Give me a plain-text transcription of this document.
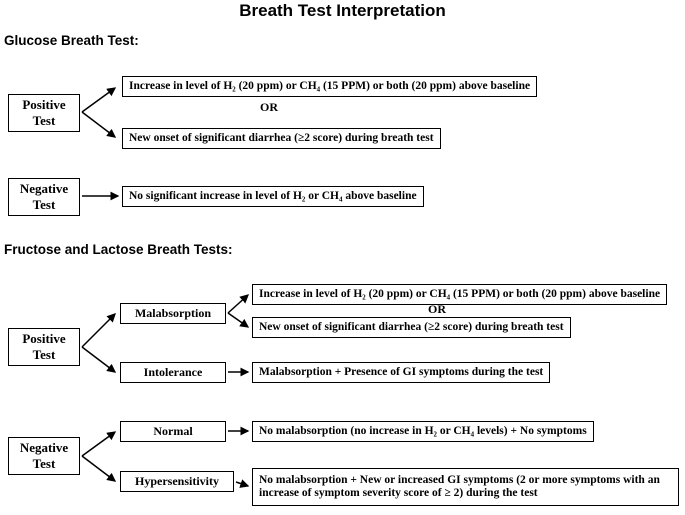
Breath Test Interpretation
Glucose Breath Test:
Positive Test
Increase in level of H₂ (20 ppm) or CH₄ (15 PPM) or both (20 ppm) above baseline
OR
New onset of significant diarrhea (≥2 score) during breath test
Negative Test
No significant increase in level of H₂ or CH₄ above baseline
Fructose and Lactose Breath Tests:
Positive Test
Malabsorption
Increase in level of H₂ (20 ppm) or CH₄ (15 PPM) or both (20 ppm) above baseline
OR
New onset of significant diarrhea (≥2 score) during breath test
Intolerance	Malabsorption + Presence of GI symptoms during the test
Negative Test
Normal	No malabsorption (no increase in H₂ or CH₄ levels) + No symptoms
Hypersensitivity	No malabsorption + New or increased GI symptoms (2 or more symptoms with an increase of symptom severity score of ≥ 2) during the test
